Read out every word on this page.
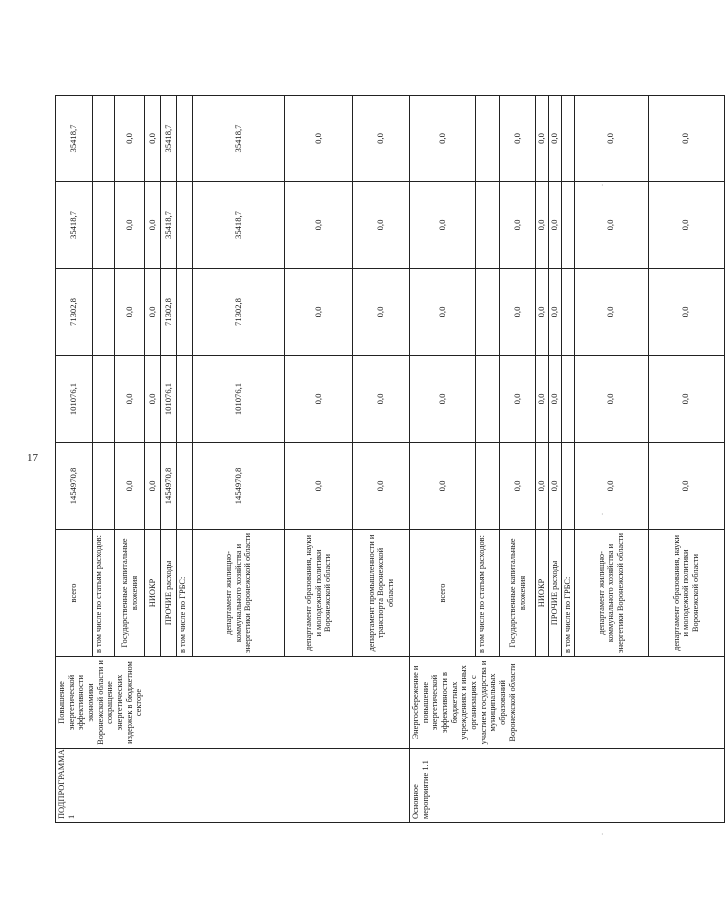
17
·
·
·
ПОДПРОГРАММА 1	Повышение энергетической эффективности экономики Воронежской области и сокращение энергетических издержек в бюджетном секторе	всего	1454970,8	101076,1	71302,8	35418,7	35418,7
		в том числе по статьям расходов:					
		Государственные капитальные вложения	0,0	0,0	0,0	0,0	0,0
		НИОКР	0,0	0,0	0,0	0,0	0,0
		ПРОЧИЕ расходы	1454970,8	101076,1	71302,8	35418,7	35418,7
		в том числе по ГРБС:					
		департамент жилищно-коммунального хозяйства и энергетики Воронежской области	1454970,8	101076,1	71302,8	35418,7	35418,7
		департамент образования, науки и молодежной политики Воронежской области	0,0	0,0	0,0	0,0	0,0
		департамент промышленности и транспорта Воронежской области	0,0	0,0	0,0	0,0	0,0
Основное мероприятие 1.1	Энергосбережение и повышение энергетической эффективности в бюджетных учреждениях и иных организациях с участием государства и муниципальных образований Воронежской области	всего	0,0	0,0	0,0	0,0	0,0
		в том числе по статьям расходов:					
		Государственные капитальные вложения	0,0	0,0	0,0	0,0	0,0
		НИОКР	0,0	0,0	0,0	0,0	0,0
		ПРОЧИЕ расходы	0,0	0,0	0,0	0,0	0,0
		в том числе по ГРБС:					
		департамент жилищно-коммунального хозяйства и энергетики Воронежской области	0,0	0,0	0,0	0,0	0,0
		департамент образования, науки и молодежной политики Воронежской области	0,0	0,0	0,0	0,0	0,0
